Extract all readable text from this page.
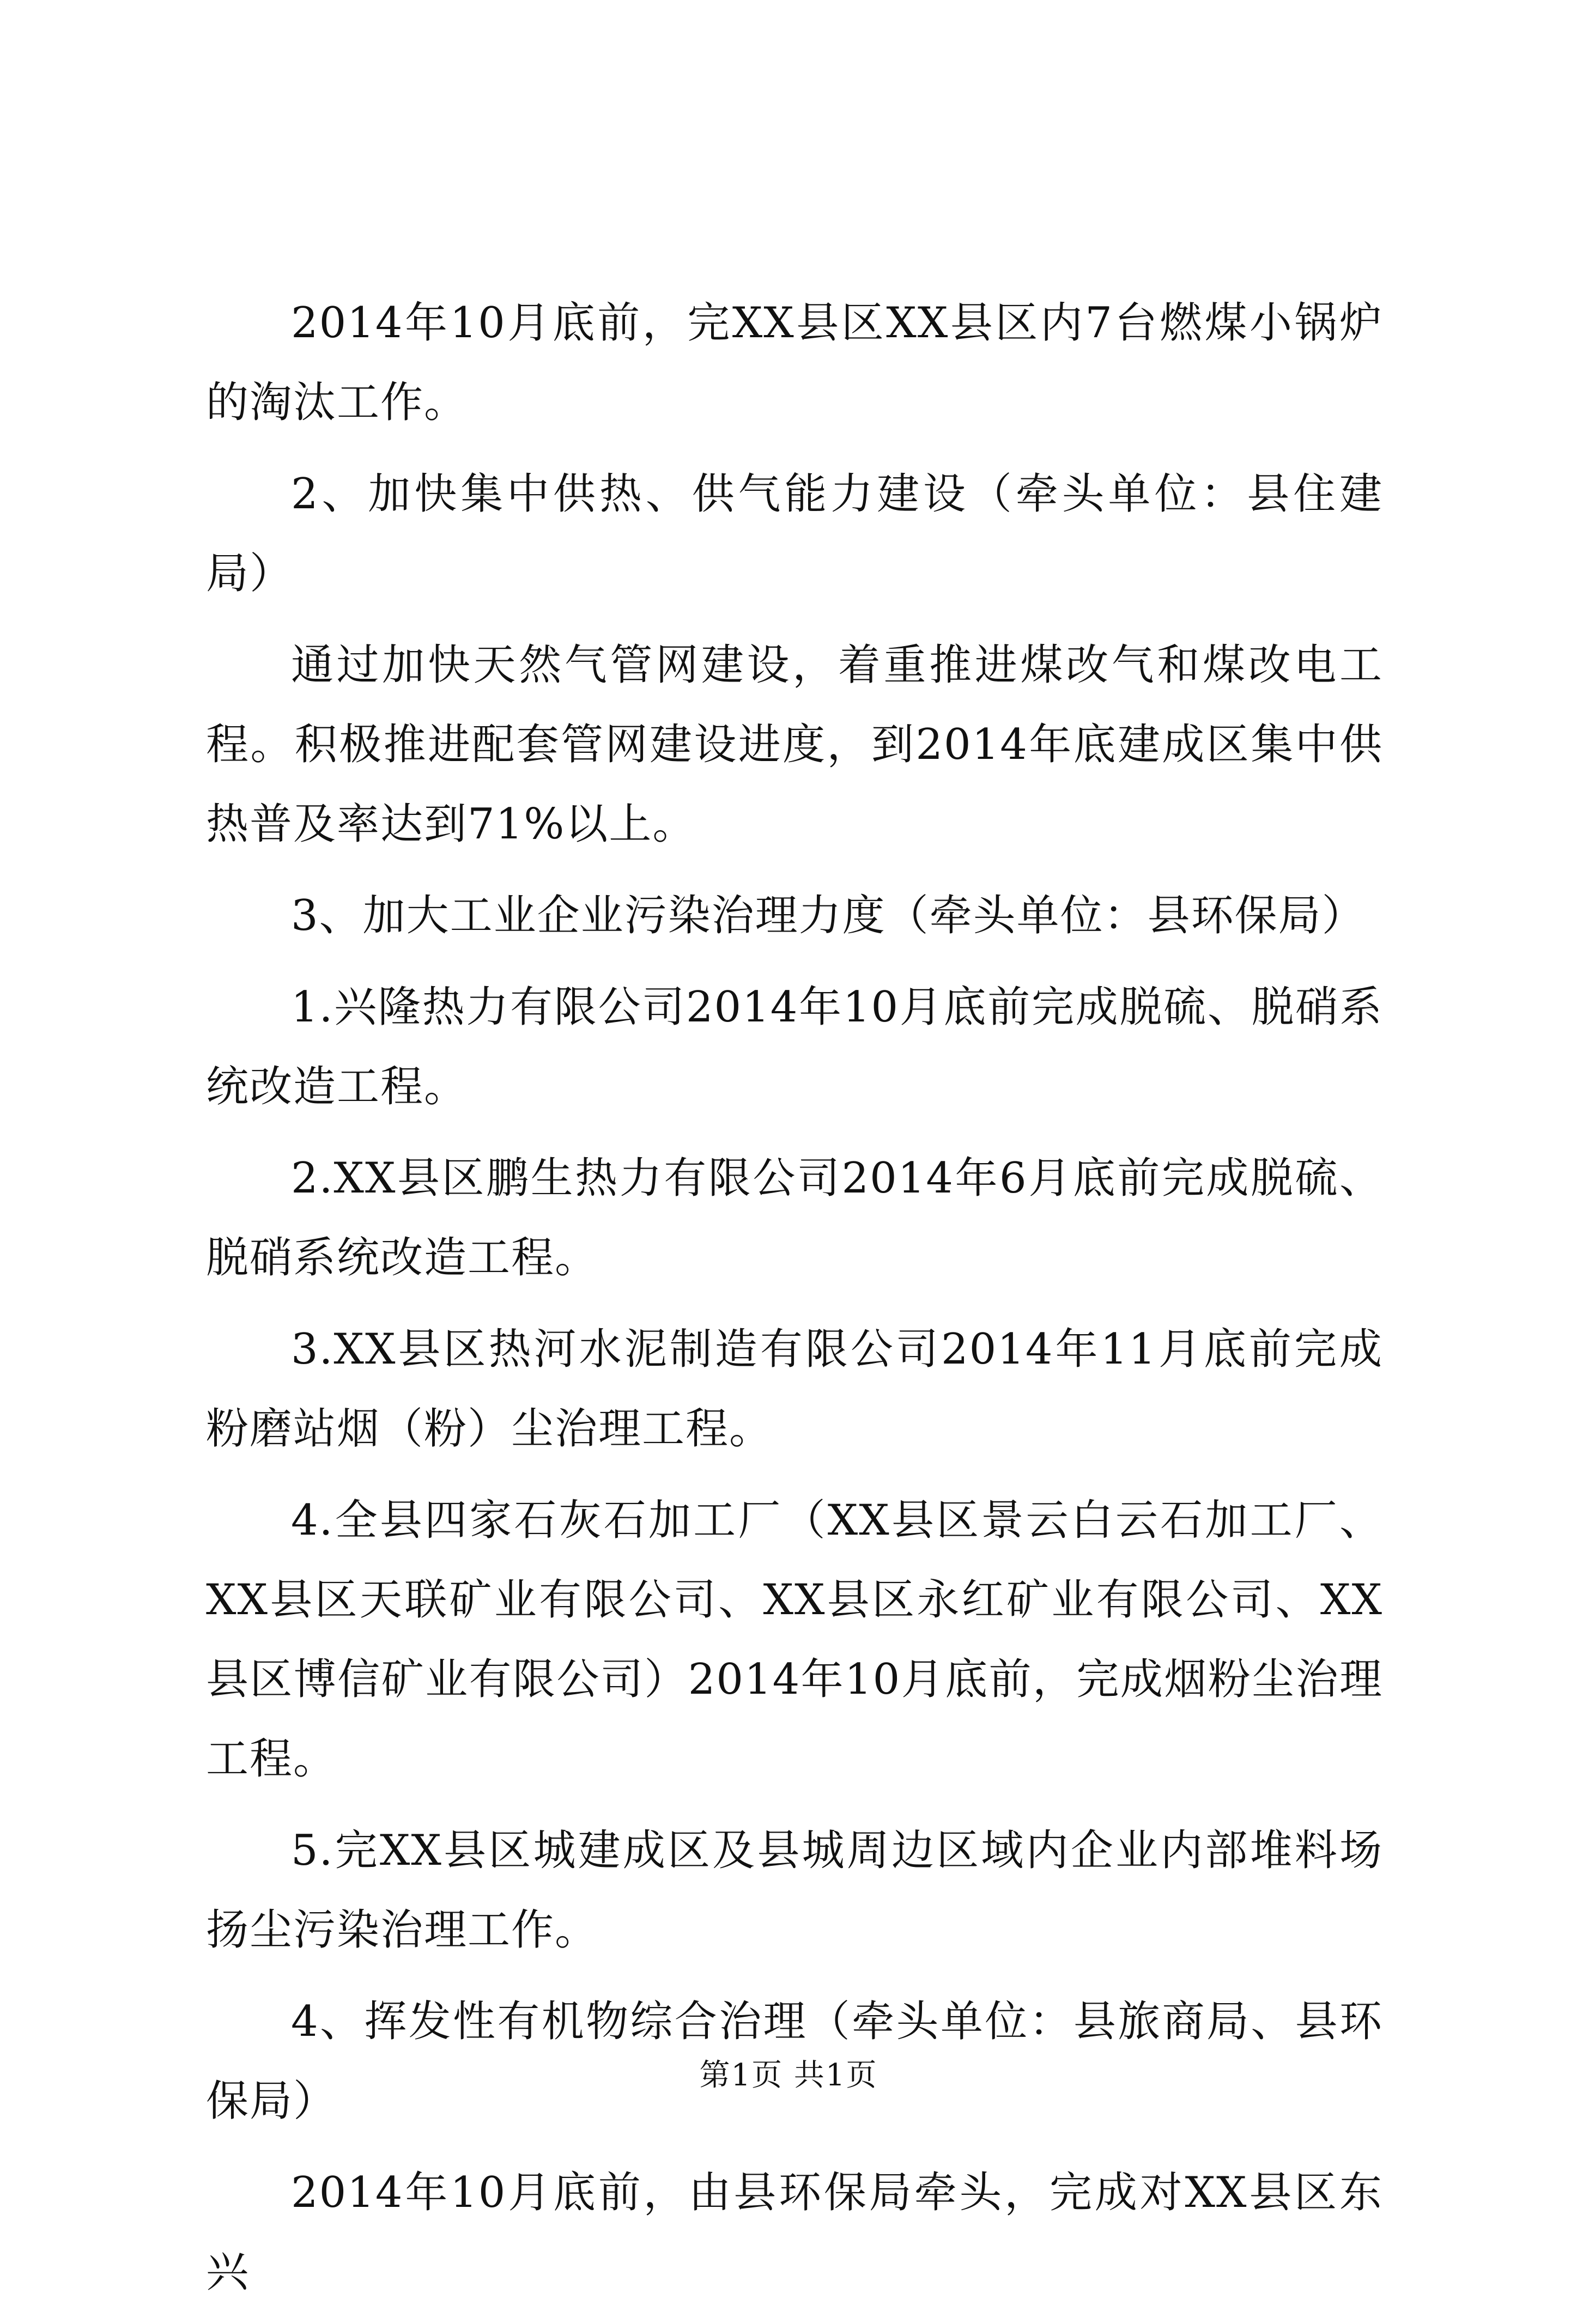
2014年10月底前，完XX县区XX县区内7台燃煤小锅炉的淘汰工作。

2、加快集中供热、供气能力建设（牵头单位：县住建局）

通过加快天然气管网建设，着重推进煤改气和煤改电工程。积极推进配套管网建设进度，到2014年底建成区集中供热普及率达到71%以上。

3、加大工业企业污染治理力度（牵头单位：县环保局）

1.兴隆热力有限公司2014年10月底前完成脱硫、脱硝系统改造工程。

2.XX县区鹏生热力有限公司2014年6月底前完成脱硫、脱硝系统改造工程。

3.XX县区热河水泥制造有限公司2014年11月底前完成粉磨站烟（粉）尘治理工程。

4.全县四家石灰石加工厂（XX县区景云白云石加工厂、XX县区天联矿业有限公司、XX县区永红矿业有限公司、XX县区博信矿业有限公司）2014年10月底前，完成烟粉尘治理工程。

5.完XX县区城建成区及县城周边区域内企业内部堆料场扬尘污染治理工作。

4、挥发性有机物综合治理（牵头单位：县旅商局、县环保局）

2014年10月底前，由县环保局牵头，完成对XX县区东兴

第1页 共1页
